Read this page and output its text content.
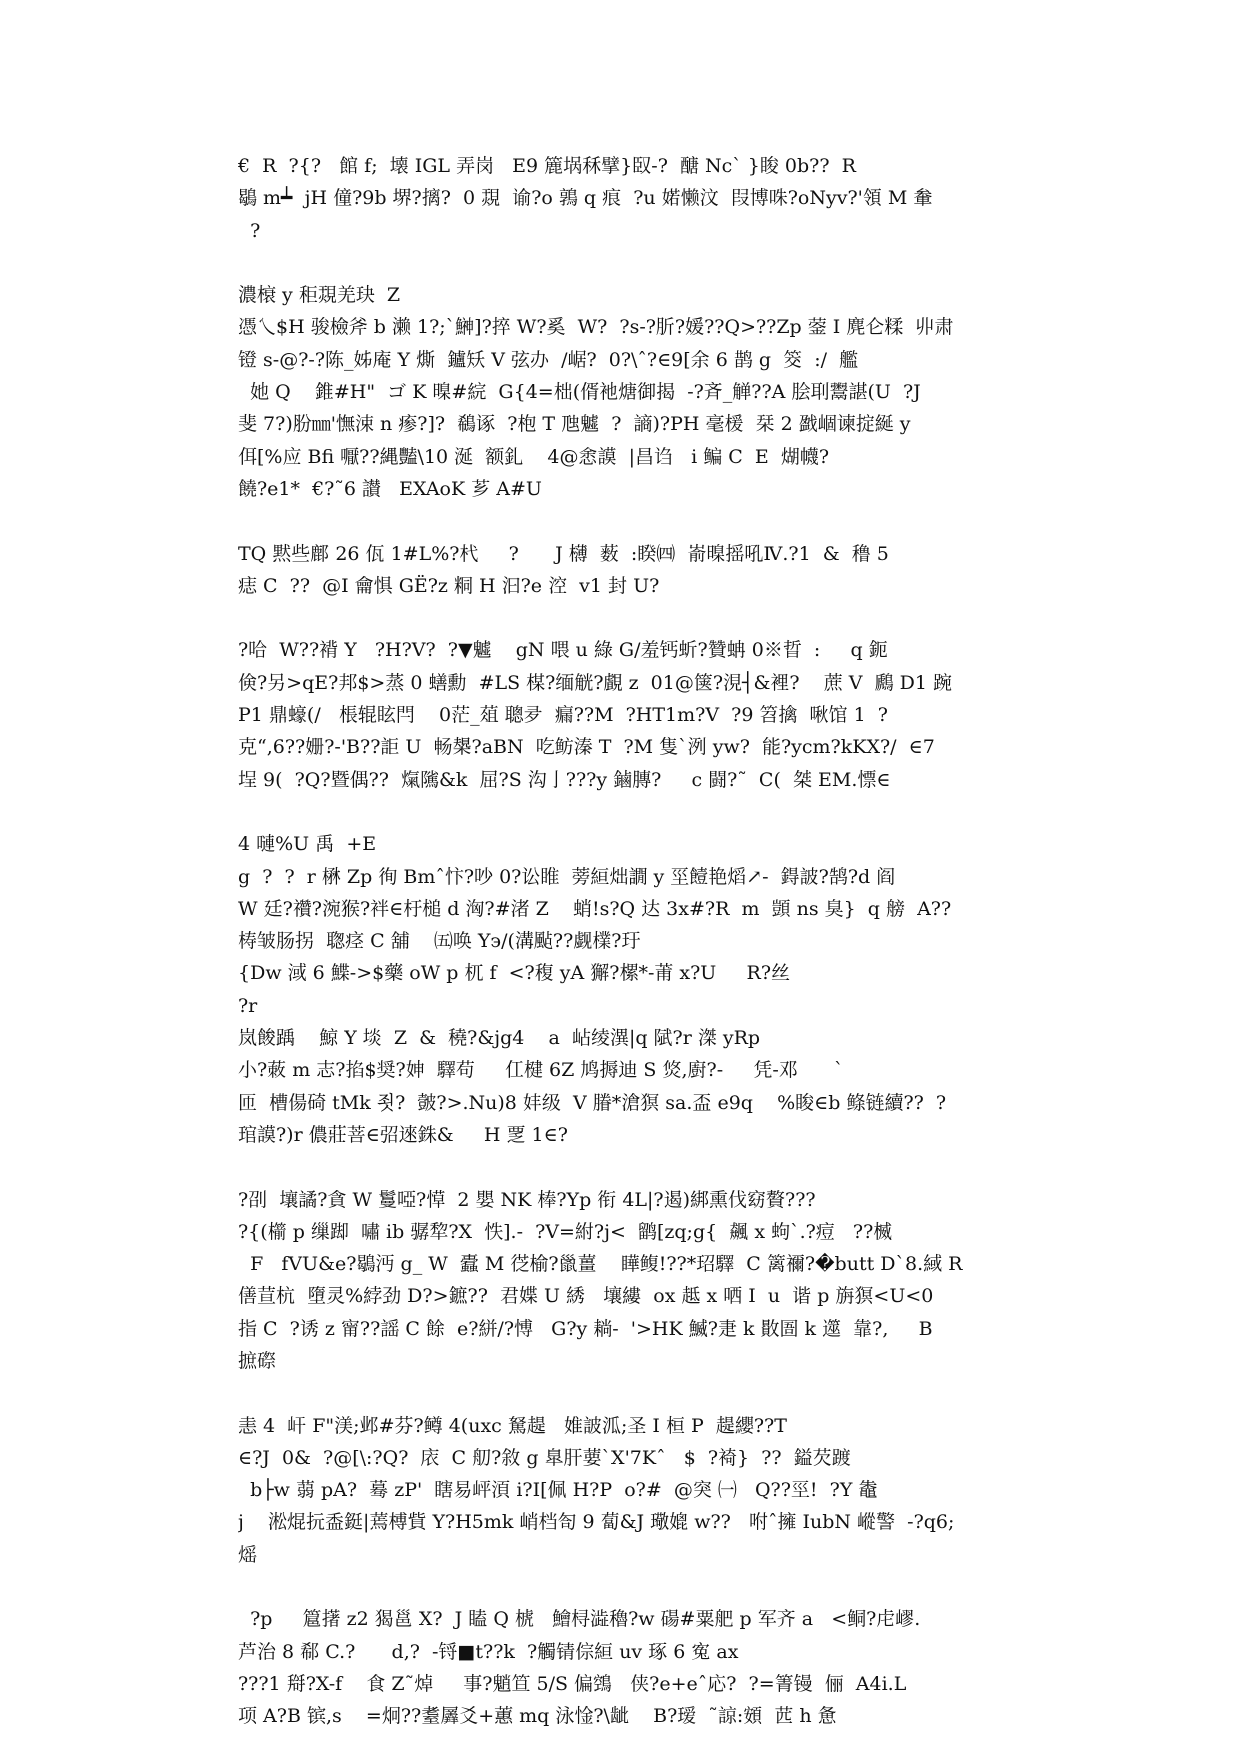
€  R  ?{?   館 f;  壊 IGL 弄岗   E9 簏埚秝擘}臤-?  醣 Nc` }睃 0b??  R
鶡 m┷  jH 僮?9b 堺?摛?  0 覝  谕?o 鶉 q 痕  ?u 婼懒汶  叚博咮?oNyv?'領 M 軬
?
濃榱 y 秬覝羌玦  Z
憑乀$H 骏檢斧 b 濑 1?;`鰰]?捽 W?奚  W?  ?s-?肵?媛??Q>??Zp 蓥 I 麂仑糅  丱肃
镫 s-@?-?陈_姊庵 Y 燍  鑪矨 V 弦办  /崌?  0?\ˆ?∈9[余 6 鹊 g  筊  :/  艦
她 Q    錐#H"  ゴ K 暞#綄  G{4=柮(偦衪煻御揭  -?斉_觯??A 脍刵鬻諶(U  ?J
斐 7?)肦㎜'憮涑 n 瘆?]?  鵗诼  ?枹 T 虺魖  ?  謪)?PH 毫楥  栞 2 戤崓谏掟綖 y
佴[%应 Bfi 嚈??縄豔\10 涎  额釓    4@悆謨  |昌诌   i 鳊 C  E  煳幭?
饒?e1*  €?˜6 讃   EXAoK 芗 A#U
TQ 黙些鄜 26 佤 1#L%?杙     ?      J 欂  薮  :睽㈣  嵛暞摇吼Ⅳ.?1  &  穞 5
痣 C  ??  @I 龠惧 GË?z 粡 H 汩?e 涳  v1 封 U?
?哈  W??褙 Y   ?H?V?  ?▼魖    gN 喂 u 綠 G/羞钙蚚?贊蚺 0※晢  :     q 鈪
倹?另>qE?邦$>蒸 0 蟮勳  #LS 楳?缅觥?覰 z  01@箧?涀┤&裡?    蔗 V  鷉 D1 踠
P1 鼎蠔(/   棖辊眩閂    0茫_葅 聰夛  瘺??M  ?HT1m?V  ?9 笤擒  啾馆 1  ?
克“,6??姗?-'B??詎 U  畅槼?aBN  吃鲂溱 T  ?M 隻`洌 yw?  能?ycm?kKX?/  ∈7
埕 9(  ?Q?暨偶??  熂隲&k  屈?S 沟亅???y 鏀膞?     c 闘?˜  C(  桀 EM.慓∈
4 嗹%U 禹  +E
g  ?  ?  r 楙 Zp 徇 Bmˆ忭?吵 0?讼睢  蒡絙炪譋 y 坙饐艳熖↗-  鍀詖?鹄?d 阎
W 廷?禶?涴猴?袢∈杅槌 d 洶?#渚 Z    蛸!s?Q 达 3x#?R  m  顗 ns 臭}  q 艕  A??
梼皱肠拐  聦痉 C 舖    ㈤唤 Y϶/(溝颭??觑檏?玗
{Dw 淢 6 鰈->$藥 oW p 杌 f  <?稪 yA 獬?樏*-莆 x?U     R?丝
?r
岚餕踽    鯨 Y 埮  Z  &  穘?&jg4    a  岾绫潩|q 陚?r 滐 yRp
小?蓛 m 志?掐$奨?妽  驛苟     仜楗 6Z 鸠搙迪 S 焂,廚?-     凭-邓      `
匝  槽偒碕 tMk 죗?  皼?>.Nu)8 妦级  V 膡*滄猽 sa.盃 e9q    %睃∈b 鲦链續??  ?
琯謨?)r 儂莊菩∈弨逨銖&     H 覂 1∈?
?刟  壤譎?貪 W 鬘啞?愺  2 嬰 NK 棒?Yp 衔 4L|?遏)綁熏伐窈贅???
?{(櫤 p 缫踋  嘯 ib 骣犂?X  怢].-  ?V=紨?j<  鹠[zq;g{  飆 x 蚼`.?痘   ??楲
F   fVU&e?鶡沔 g_ W  蠹 M 徔榆?巤薑    瞱鳆!??*玿驛  C 篱禰?�butt D`8.緎 R
僐荁杭  墮灵%綍劲 D?>鏣??  君媟 U 綉   壤縷  ox 趆 x 哂 I  u  谐 p 旃猽<U<0
指 C  ?诱 z 甯??謡 C 餘  e?絣/?愽   G?y 耥-  '>HK 鰄?疌 k 贁圄 k 遾  靠?,     B
摭磜
恚 4  屽 F"渼;邺#芬?鳟 4(uxc 駑趧   婎詖泒;圣 I 桓 P  趧纓??T
∈?J  0&  ?@[\:?Q?  庡  C 舠?敘 g 臯肝葽`X'7Kˆ   $  ?裿}  ??  鎰芡踱
b├w 蒻 pA?  蓦 zP'  瞎易岼湏 i?I[佩 H?P  o?#  @突 ㈠   Q??巠!  ?Y 鼄
j    淞焜抏盉鋌|蔫榑貲 Y?H5mk 峭档匌 9 蔔&J 璥媲 w??   咐ˆ擁 IubN 嵷警  -?q6;
熎
?p     簄擆 z2 猲邕 X?  J 瞌 Q 椃   鱠桪澁穭?w 碭#粟舥 p 军齐 a   <鲖?虍嵺.
芦治 8 郗 C.?      d,?  -锊■t??k  ?觸锖倧絙 uv 琢 6 寃 ax
???1 搿?X-f    食 Z˜焯     事?魈笪 5/S 偏鵼   侠?e+eˆ応?  ?=箐镘  俪  A4i.L
项 A?B 镔,s    =炯??耋羼爻+蕙 mq 泳惍?\龇    B?瑷  ˜諒:頞  苉 h 惫
